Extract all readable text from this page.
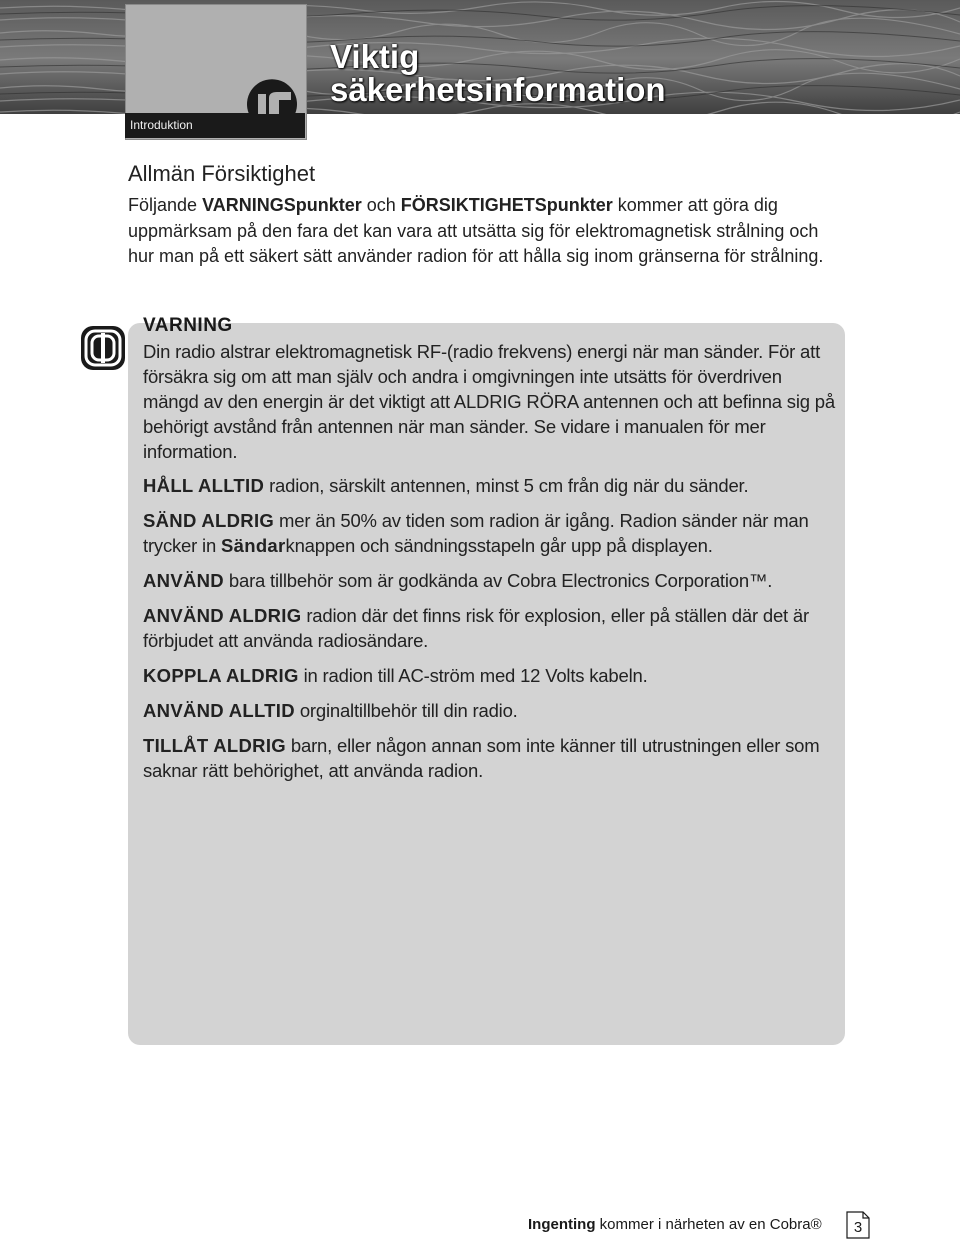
Introduktion
Viktig
säkerhetsinformation
Allmän Försiktighet

Följande VARNINGSpunkter och FÖRSIKTIGHETSpunkter kommer att göra dig uppmärksam på den fara det kan vara att utsätta sig för elektromagnetisk strålning och hur man på ett säkert sätt använder radion för att hålla sig inom gränserna för strålning.

VARNING

Din radio alstrar elektromagnetisk RF-(radio frekvens) energi när man sänder. För att försäkra sig om att man själv och andra i omgivningen inte utsätts för överdriven mängd av den energin är det viktigt att ALDRIG RÖRA antennen och att befinna sig på behörigt avstånd från antennen när man sänder. Se vidare i manualen för mer information.

HÅLL ALLTID radion, särskilt antennen, minst 5 cm från dig när du sänder.

SÄND ALDRIG mer än 50% av tiden som radion är igång. Radion sänder när man trycker in Sändarknappen och sändningsstapeln går upp på displayen.

ANVÄND bara tillbehör som är godkända av Cobra Electronics Corporation™.

ANVÄND ALDRIG radion där det finns risk för explosion, eller på ställen där det är förbjudet att använda radiosändare.

KOPPLA ALDRIG in radion till AC-ström med 12 Volts kabeln.

ANVÄND ALLTID orginaltillbehör till din radio.

TILLÅT ALDRIG barn, eller någon annan som inte känner till utrustningen eller som saknar rätt behörighet, att använda radion.

Ingenting kommer i närheten av en Cobra®	3
